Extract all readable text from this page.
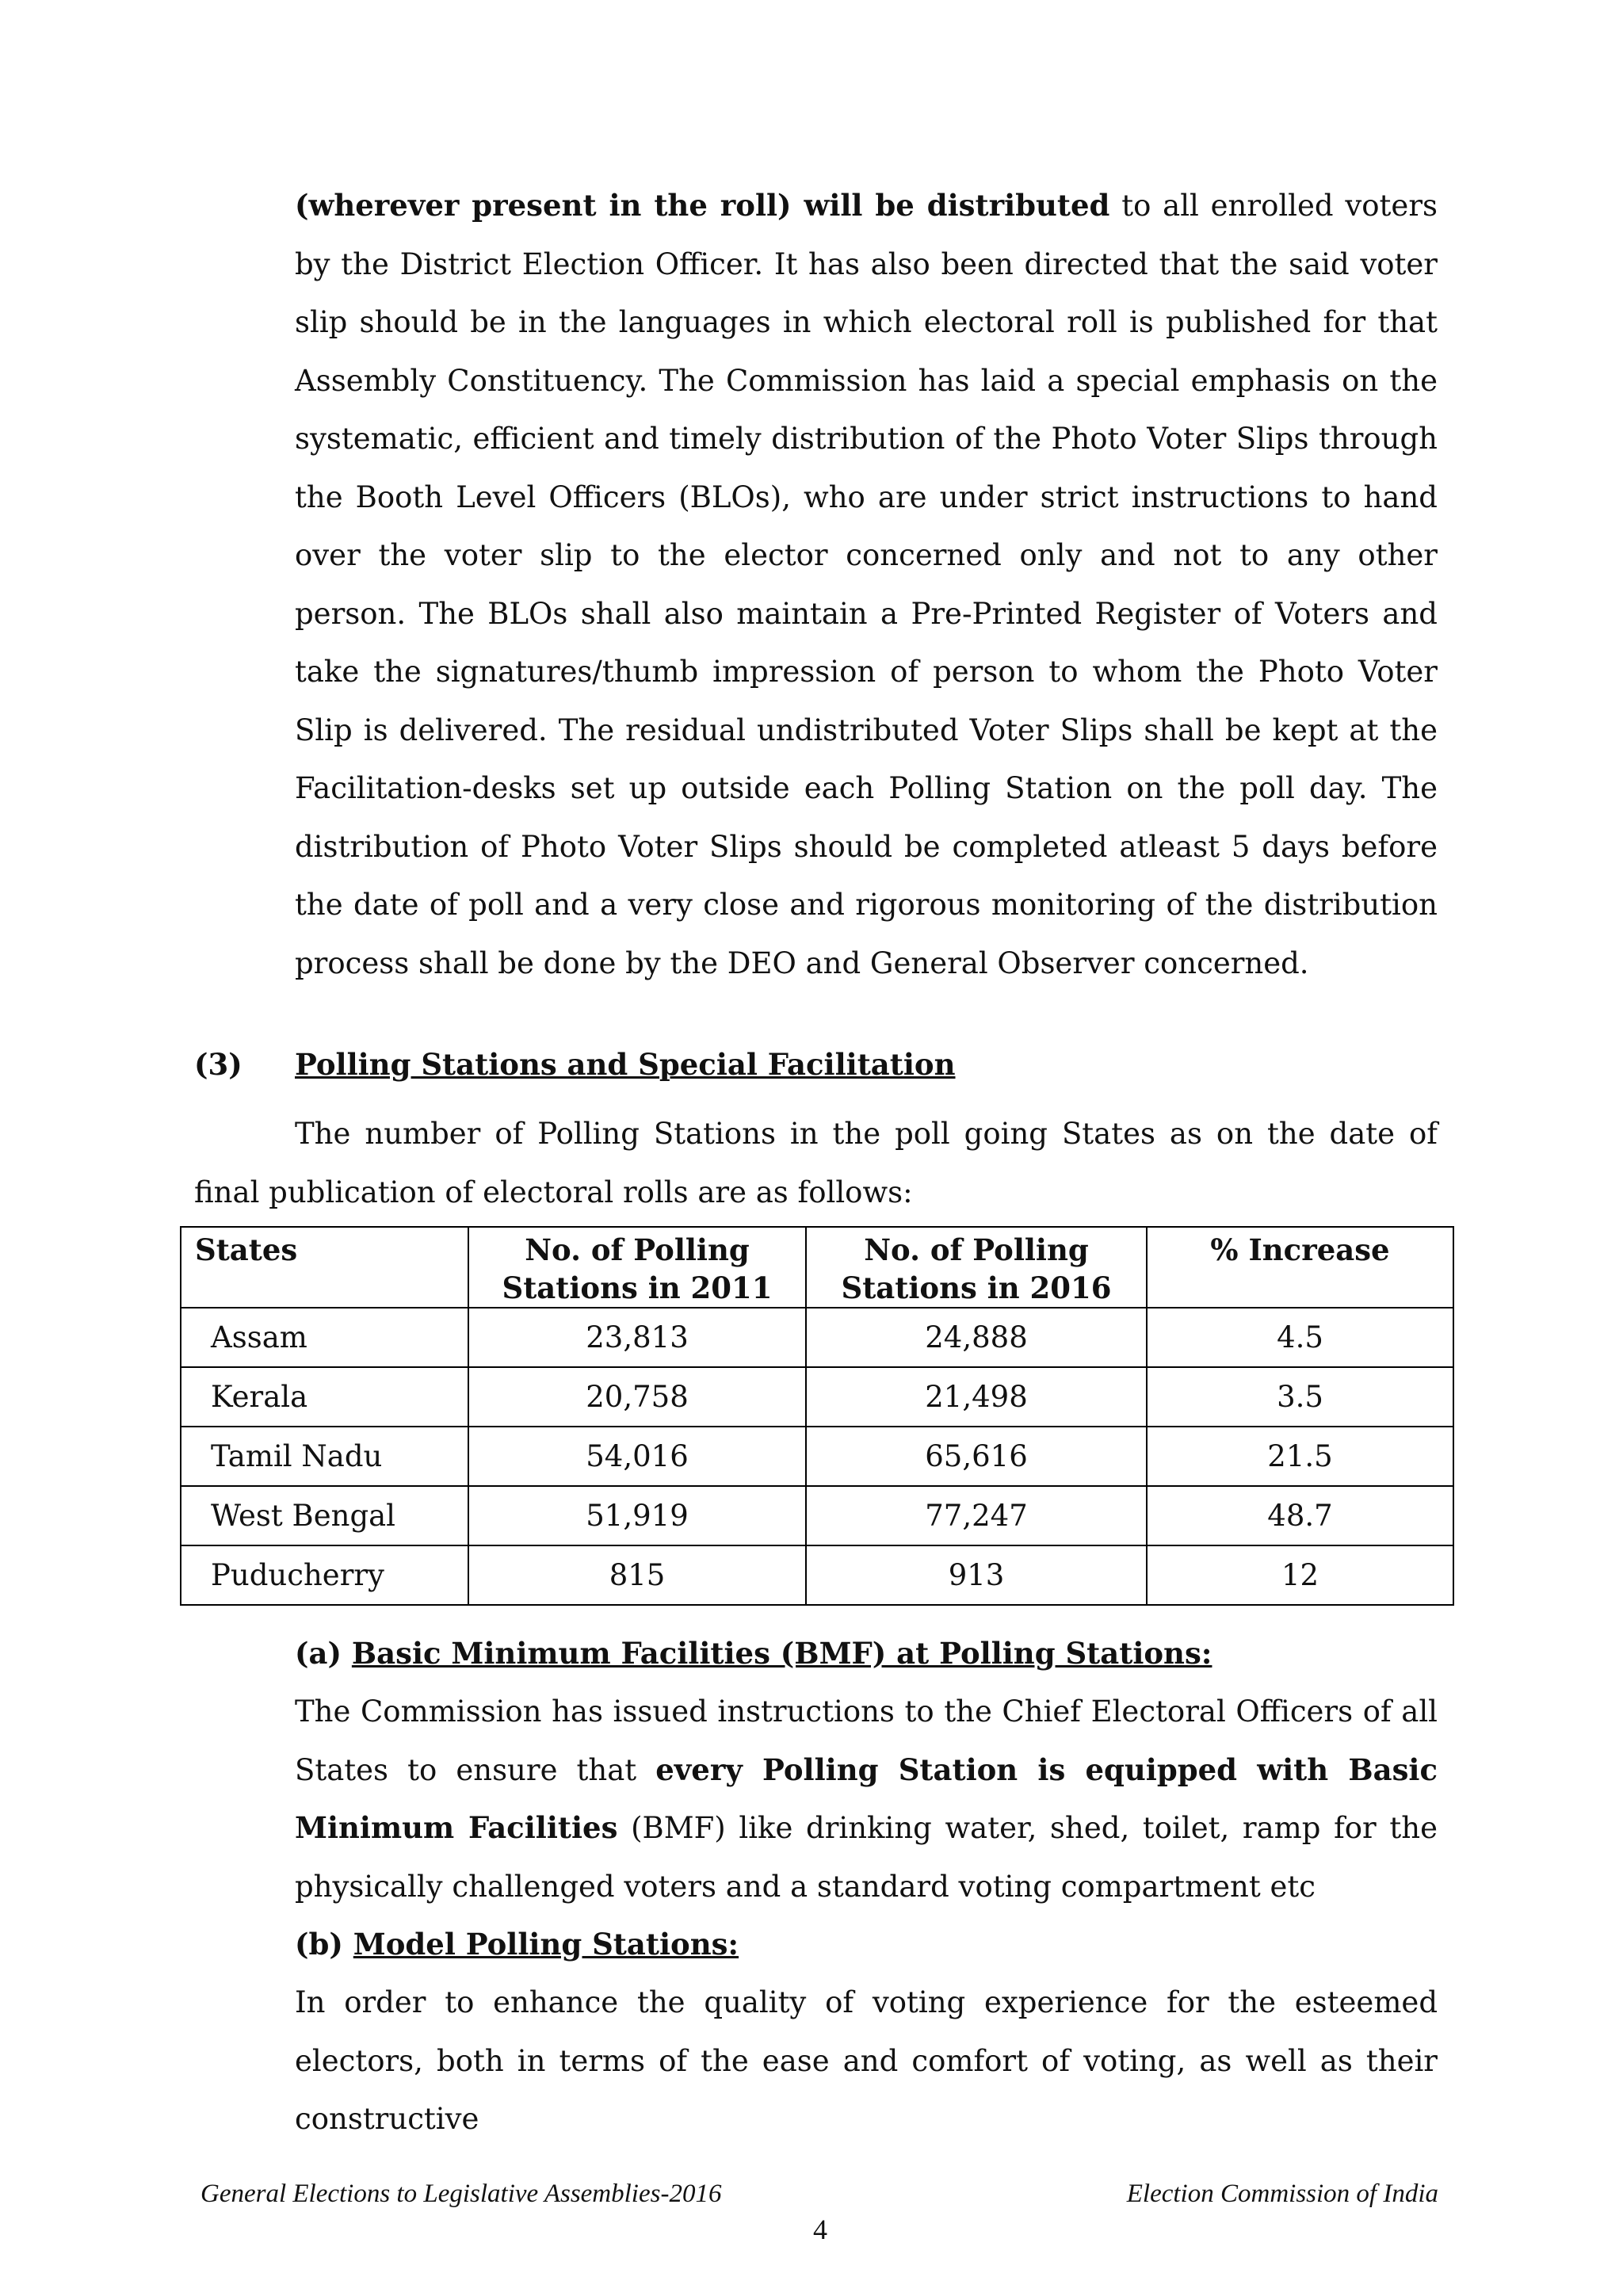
(wherever present in the roll) will be distributed to all enrolled voters by the District Election Officer. It has also been directed that the said voter slip should be in the languages in which electoral roll is published for that Assembly Constituency. The Commission has laid a special emphasis on the systematic, efficient and timely distribution of the Photo Voter Slips through the Booth Level Officers (BLOs), who are under strict instructions to hand over the voter slip to the elector concerned only and not to any other person. The BLOs shall also maintain a Pre-Printed Register of Voters and take the signatures/thumb impression of person to whom the Photo Voter Slip is delivered. The residual undistributed Voter Slips shall be kept at the Facilitation-desks set up outside each Polling Station on the poll day. The distribution of Photo Voter Slips should be completed atleast 5 days before the date of poll and a very close and rigorous monitoring of the distribution process shall be done by the DEO and General Observer concerned.

(3) Polling Stations and Special Facilitation

The number of Polling Stations in the poll going States as on the date of final publication of electoral rolls are as follows:

States	No. of Polling Stations in 2011	No. of Polling Stations in 2016	% Increase
Assam	23,813	24,888	4.5
Kerala	20,758	21,498	3.5
Tamil Nadu	54,016	65,616	21.5
West Bengal	51,919	77,247	48.7
Puducherry	815	913	12

(a) Basic Minimum Facilities (BMF) at Polling Stations:

The Commission has issued instructions to the Chief Electoral Officers of all States to ensure that every Polling Station is equipped with Basic Minimum Facilities (BMF) like drinking water, shed, toilet, ramp for the physically challenged voters and a standard voting compartment etc

(b) Model Polling Stations:

In order to enhance the quality of voting experience for the esteemed electors, both in terms of the ease and comfort of voting, as well as their constructive

General Elections to Legislative Assemblies-2016	Election Commission of India
4
